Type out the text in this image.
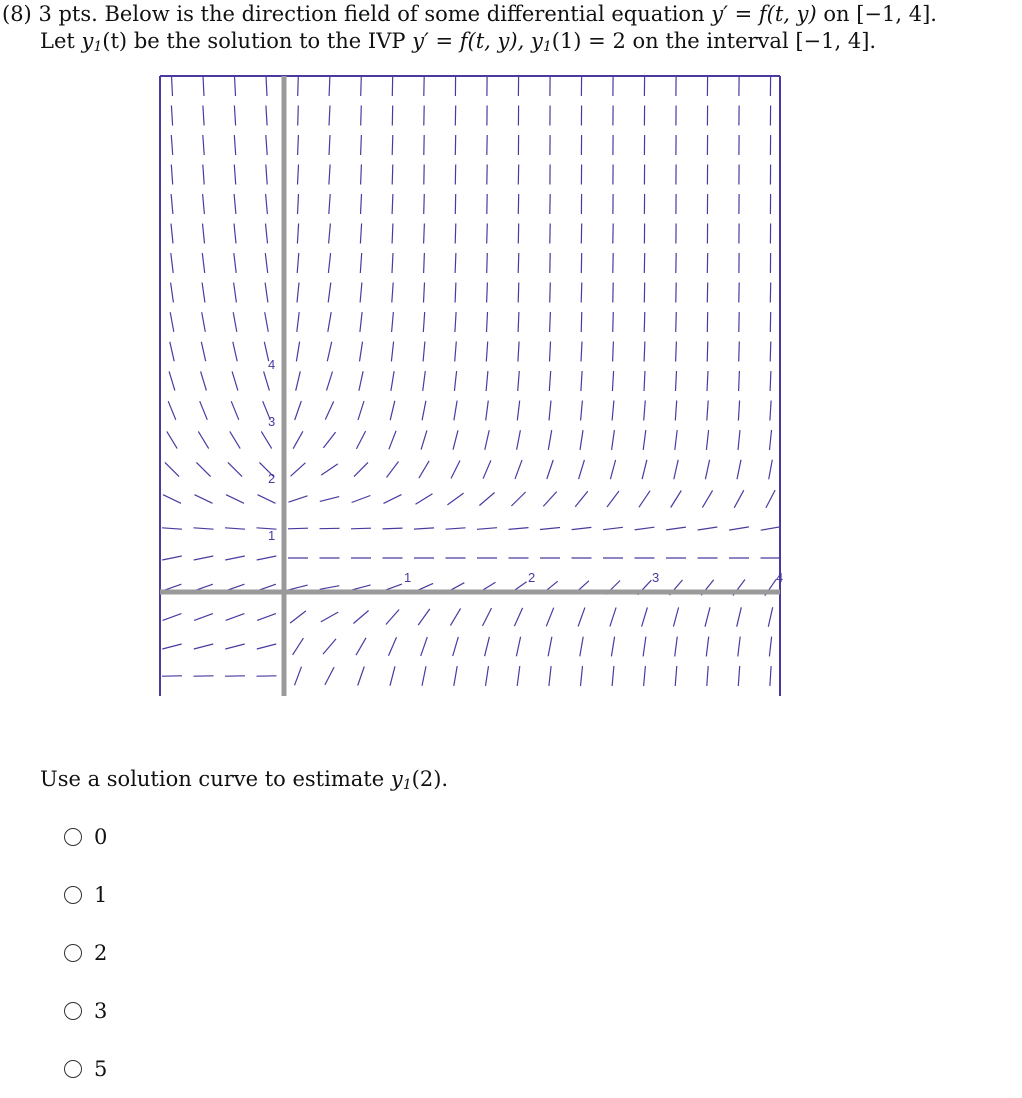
(8) 3 pts. Below is the direction field of some differential equation y′ = f(t, y) on [−1, 4].
Let $y_1(t)$ be the solution to the IVP y′ = f(t, y), $y_1(1) = 2$ on the interval [−1, 4].
1	2	3	4
1
2
3
4
Use a solution curve to estimate $y_1(2)$.
0
1
2
3
5
